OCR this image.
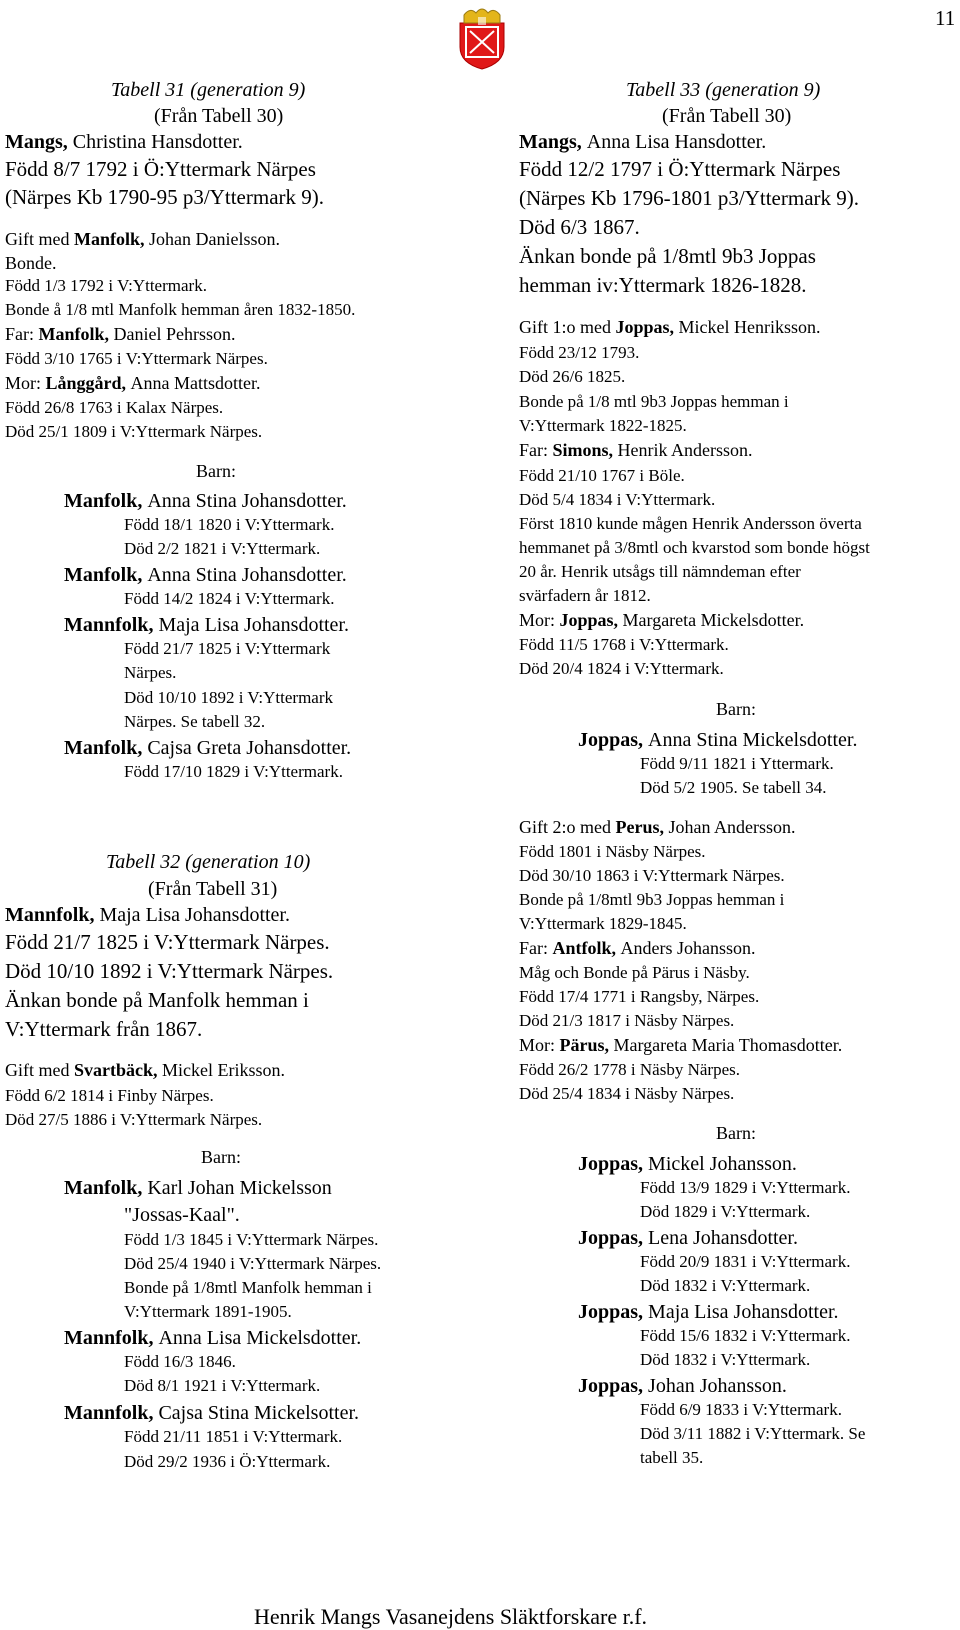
11
Tabell 31 (generation 9)
(Från Tabell 30)
Mangs, Christina Hansdotter.
Född 8/7 1792 i Ö:Yttermark Närpes
(Närpes Kb 1790-95 p3/Yttermark 9).
Gift med Manfolk, Johan Danielsson.
Bonde.
Född 1/3 1792 i V:Yttermark.
Bonde å 1/8 mtl Manfolk hemman åren 1832-1850.
Far: Manfolk, Daniel Pehrsson.
Född 3/10 1765 i V:Yttermark Närpes.
Mor: Långgård, Anna Mattsdotter.
Född 26/8 1763 i Kalax Närpes.
Död 25/1 1809 i V:Yttermark Närpes.
Barn:
Manfolk, Anna Stina Johansdotter.
Född 18/1 1820 i V:Yttermark.
Död 2/2 1821 i V:Yttermark.
Manfolk, Anna Stina Johansdotter.
Född 14/2 1824 i V:Yttermark.
Mannfolk, Maja Lisa Johansdotter.
Född 21/7 1825 i V:Yttermark
Närpes.
Död 10/10 1892 i V:Yttermark
Närpes. Se tabell 32.
Manfolk, Cajsa Greta Johansdotter.
Född 17/10 1829 i V:Yttermark.
Tabell 32 (generation 10)
(Från Tabell 31)
Mannfolk, Maja Lisa Johansdotter.
Född 21/7 1825 i V:Yttermark Närpes.
Död 10/10 1892 i V:Yttermark Närpes.
Änkan bonde på Manfolk hemman i
V:Yttermark från 1867.
Gift med Svartbäck, Mickel Eriksson.
Född 6/2 1814 i Finby Närpes.
Död 27/5 1886 i V:Yttermark Närpes.
Barn:
Manfolk, Karl Johan Mickelsson
"Jossas-Kaal".
Född 1/3 1845 i V:Yttermark Närpes.
Död 25/4 1940 i V:Yttermark Närpes.
Bonde på 1/8mtl Manfolk hemman i
V:Yttermark 1891-1905.
Mannfolk, Anna Lisa Mickelsdotter.
Född 16/3 1846.
Död 8/1 1921 i V:Yttermark.
Mannfolk, Cajsa Stina Mickelsotter.
Född 21/11 1851 i V:Yttermark.
Död 29/2 1936 i Ö:Yttermark.
Tabell 33 (generation 9)
(Från Tabell 30)
Mangs, Anna Lisa Hansdotter.
Född 12/2 1797 i Ö:Yttermark Närpes
(Närpes Kb 1796-1801 p3/Yttermark 9).
Död 6/3 1867.
Änkan bonde på 1/8mtl 9b3 Joppas
hemman iv:Yttermark 1826-1828.
Gift 1:o med Joppas, Mickel Henriksson.
Född 23/12 1793.
Död 26/6 1825.
Bonde på 1/8 mtl 9b3 Joppas hemman i
V:Yttermark 1822-1825.
Far: Simons, Henrik Andersson.
Född 21/10 1767 i Böle.
Död 5/4 1834 i V:Yttermark.
Först 1810 kunde mågen Henrik Andersson överta
hemmanet på 3/8mtl och kvarstod som bonde högst
20 år. Henrik utsågs till nämndeman efter
svärfadern år 1812.
Mor: Joppas, Margareta Mickelsdotter.
Född 11/5 1768 i V:Yttermark.
Död 20/4 1824 i V:Yttermark.
Barn:
Joppas, Anna Stina Mickelsdotter.
Född 9/11 1821 i Yttermark.
Död 5/2 1905. Se tabell 34.
Gift 2:o med Perus, Johan Andersson.
Född 1801 i Näsby Närpes.
Död 30/10 1863 i V:Yttermark Närpes.
Bonde på 1/8mtl 9b3 Joppas hemman i
V:Yttermark 1829-1845.
Far: Antfolk, Anders Johansson.
Måg och Bonde på Pärus i Näsby.
Född 17/4 1771 i Rangsby, Närpes.
Död 21/3 1817 i Näsby Närpes.
Mor: Pärus, Margareta Maria Thomasdotter.
Född 26/2 1778 i Näsby Närpes.
Död 25/4 1834 i Näsby Närpes.
Barn:
Joppas, Mickel Johansson.
Född 13/9 1829 i V:Yttermark.
Död 1829 i V:Yttermark.
Joppas, Lena Johansdotter.
Född 20/9 1831 i V:Yttermark.
Död 1832 i V:Yttermark.
Joppas, Maja Lisa Johansdotter.
Född 15/6 1832 i V:Yttermark.
Död 1832 i V:Yttermark.
Joppas, Johan Johansson.
Född 6/9 1833 i V:Yttermark.
Död 3/11 1882 i V:Yttermark. Se
tabell 35.
Henrik Mangs Vasanejdens Släktforskare r.f.
